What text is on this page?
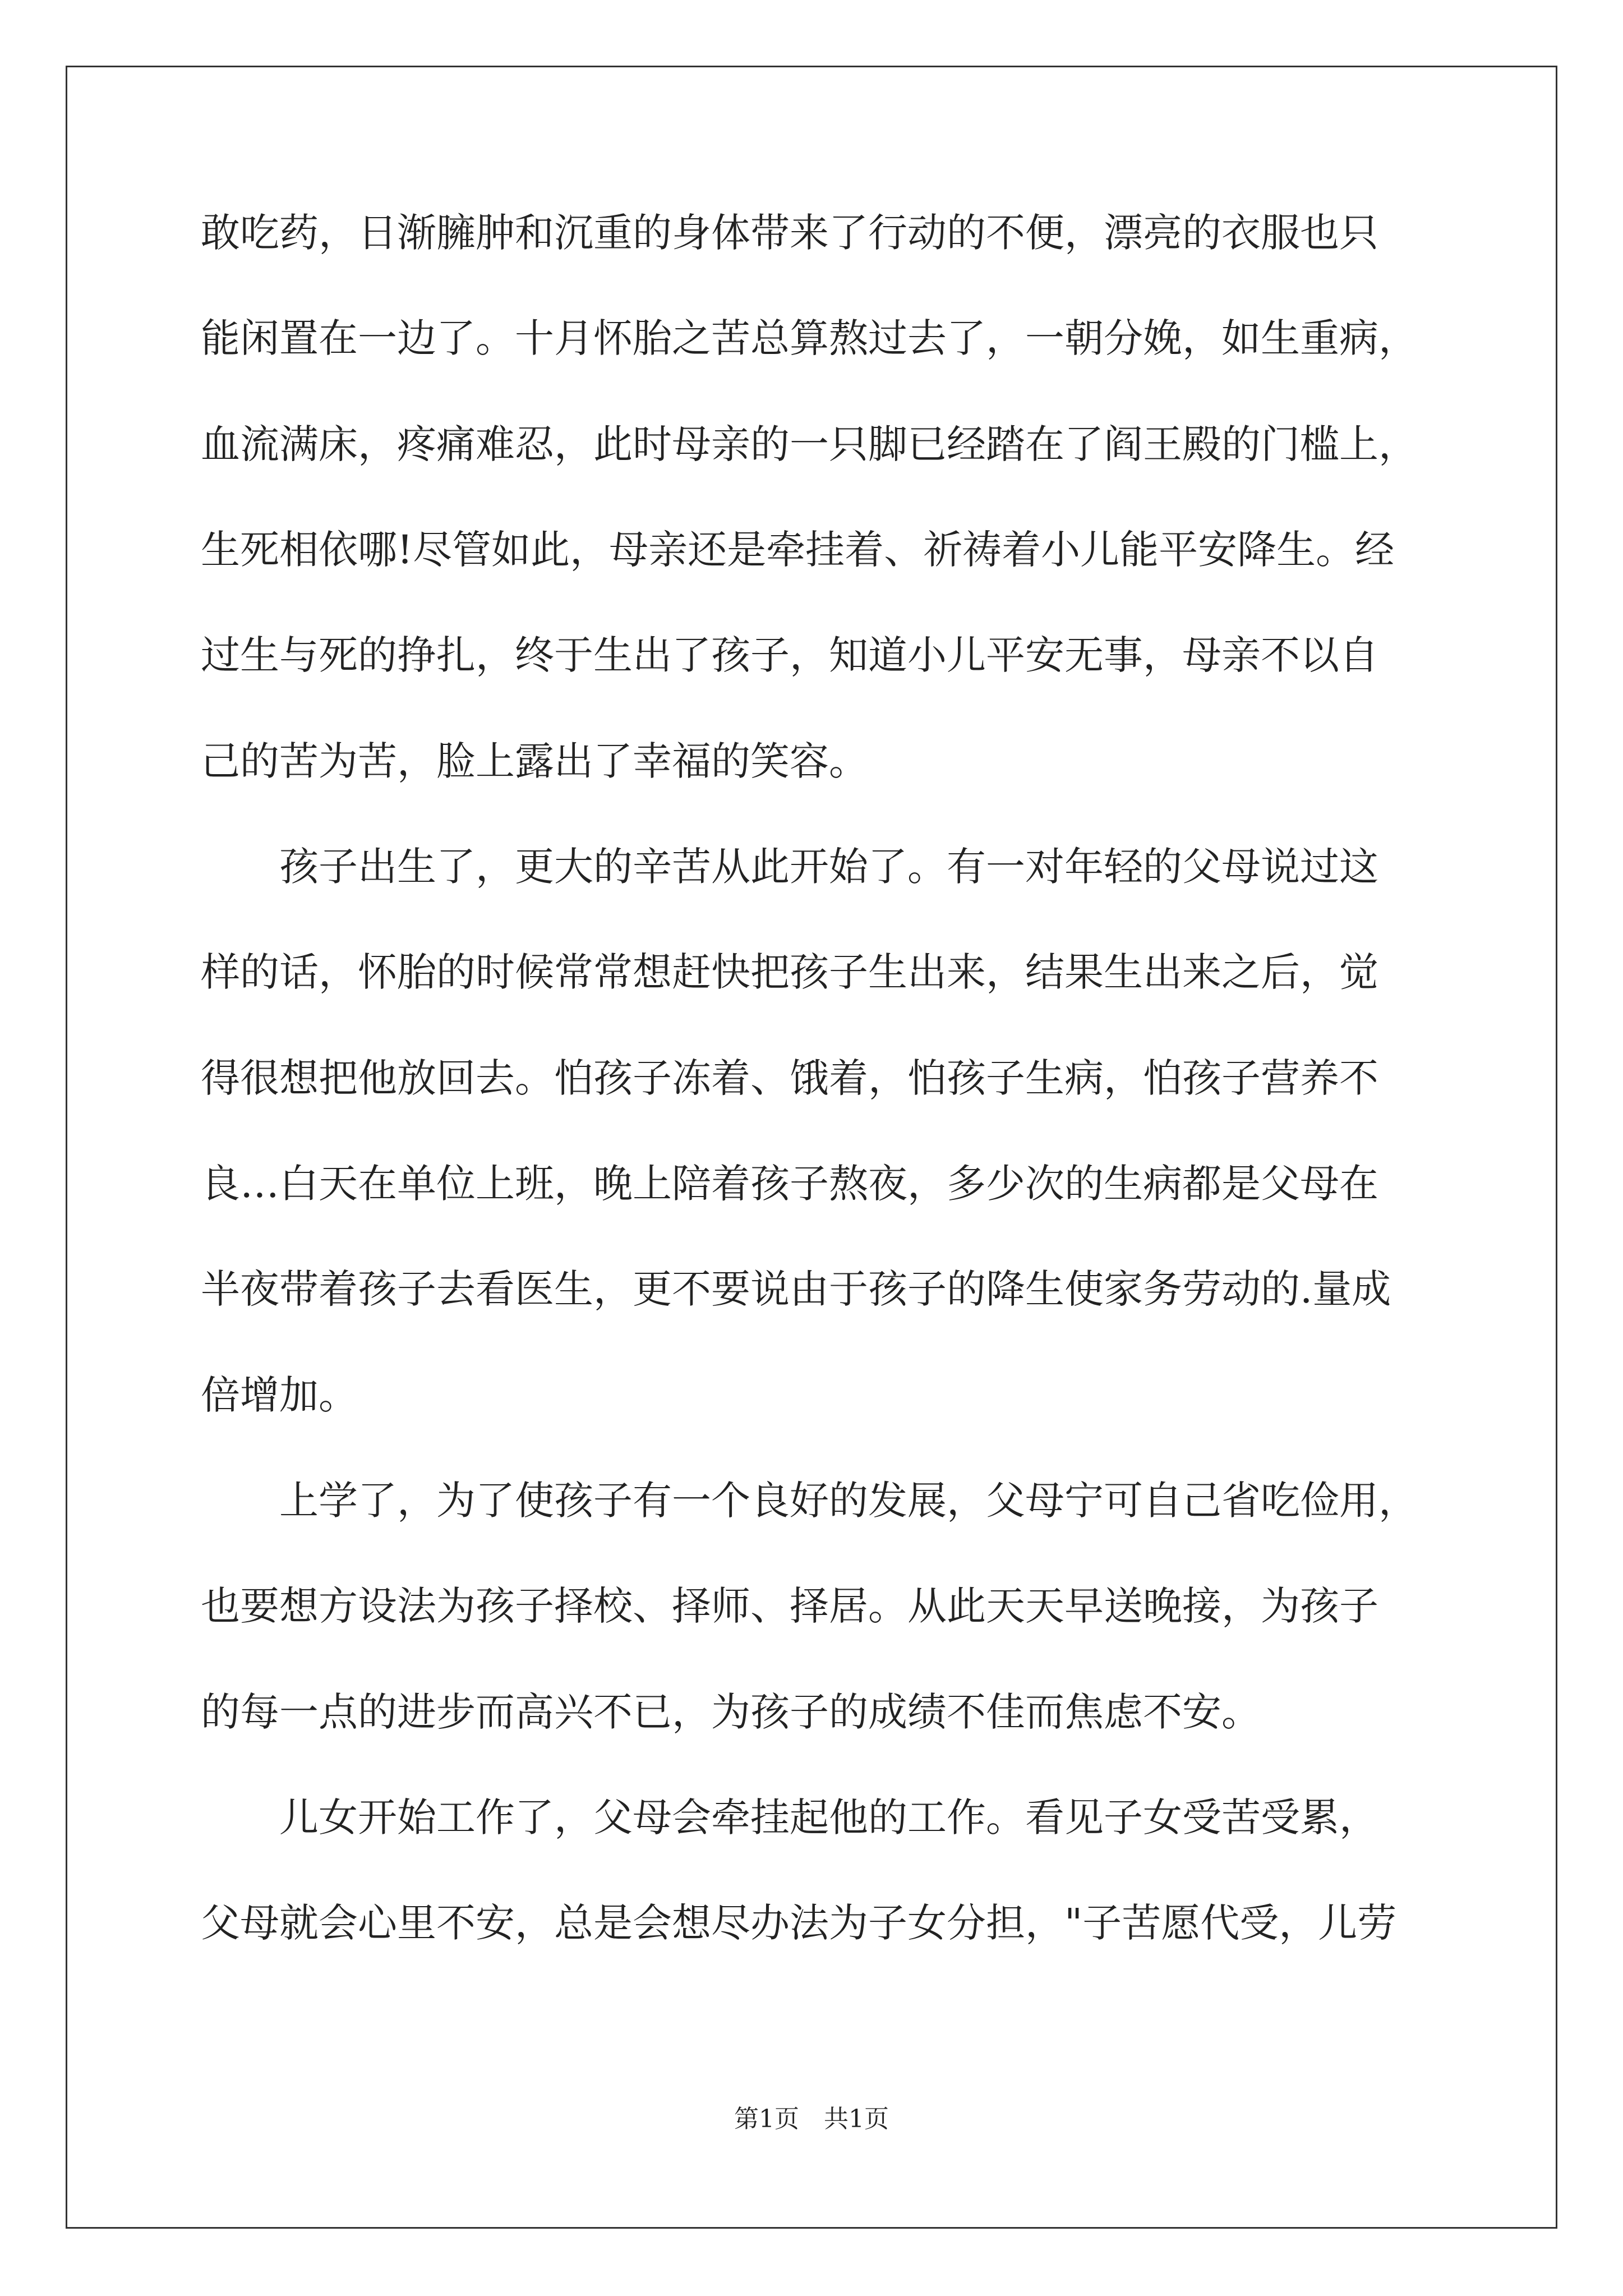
敢吃药，日渐臃肿和沉重的身体带来了行动的不便，漂亮的衣服也只
能闲置在一边了。十月怀胎之苦总算熬过去了，一朝分娩，如生重病，
血流满床，疼痛难忍，此时母亲的一只脚已经踏在了阎王殿的门槛上，
生死相依哪!尽管如此，母亲还是牵挂着、祈祷着小儿能平安降生。经
过生与死的挣扎，终于生出了孩子，知道小儿平安无事，母亲不以自
己的苦为苦，脸上露出了幸福的笑容。
孩子出生了，更大的辛苦从此开始了。有一对年轻的父母说过这
样的话，怀胎的时候常常想赶快把孩子生出来，结果生出来之后，觉
得很想把他放回去。怕孩子冻着、饿着，怕孩子生病，怕孩子营养不
良…白天在单位上班，晚上陪着孩子熬夜，多少次的生病都是父母在
半夜带着孩子去看医生，更不要说由于孩子的降生使家务劳动的.量成
倍增加。
上学了，为了使孩子有一个良好的发展，父母宁可自己省吃俭用，
也要想方设法为孩子择校、择师、择居。从此天天早送晚接，为孩子
的每一点的进步而高兴不已，为孩子的成绩不佳而焦虑不安。
儿女开始工作了，父母会牵挂起他的工作。看见子女受苦受累，
父母就会心里不安，总是会想尽办法为子女分担，"子苦愿代受，儿劳
第1页　共1页
